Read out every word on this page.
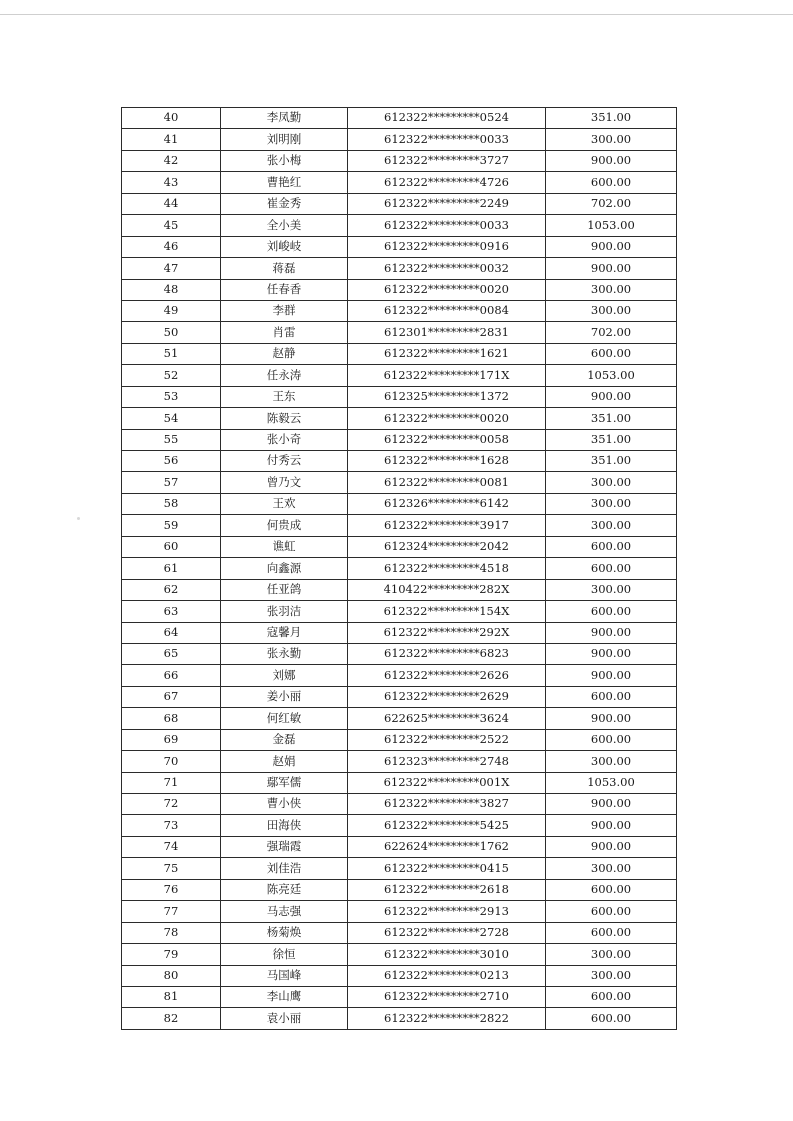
40	李凤勤	612322*********0524	351.00
41	刘明刚	612322*********0033	300.00
42	张小梅	612322*********3727	900.00
43	曹艳红	612322*********4726	600.00
44	崔金秀	612322*********2249	702.00
45	全小美	612322*********0033	1053.00
46	刘峻岐	612322*********0916	900.00
47	蒋磊	612322*********0032	900.00
48	任春香	612322*********0020	300.00
49	李群	612322*********0084	300.00
50	肖雷	612301*********2831	702.00
51	赵静	612322*********1621	600.00
52	任永涛	612322*********171X	1053.00
53	王东	612325*********1372	900.00
54	陈毅云	612322*********0020	351.00
55	张小奇	612322*********0058	351.00
56	付秀云	612322*********1628	351.00
57	曾乃文	612322*********0081	300.00
58	王欢	612326*********6142	300.00
59	何贵成	612322*********3917	300.00
60	谯虹	612324*********2042	600.00
61	向鑫源	612322*********4518	600.00
62	任亚鸽	410422*********282X	300.00
63	张羽洁	612322*********154X	600.00
64	寇馨月	612322*********292X	900.00
65	张永勤	612322*********6823	900.00
66	刘娜	612322*********2626	900.00
67	姜小丽	612322*********2629	600.00
68	何红敏	622625*********3624	900.00
69	金磊	612322*********2522	600.00
70	赵娟	612323*********2748	300.00
71	鄢军儒	612322*********001X	1053.00
72	曹小侠	612322*********3827	900.00
73	田海侠	612322*********5425	900.00
74	强瑞霞	622624*********1762	900.00
75	刘佳浩	612322*********0415	300.00
76	陈亮廷	612322*********2618	600.00
77	马志强	612322*********2913	600.00
78	杨菊焕	612322*********2728	600.00
79	徐恒	612322*********3010	300.00
80	马国峰	612322*********0213	300.00
81	李山鹰	612322*********2710	600.00
82	袁小丽	612322*********2822	600.00
